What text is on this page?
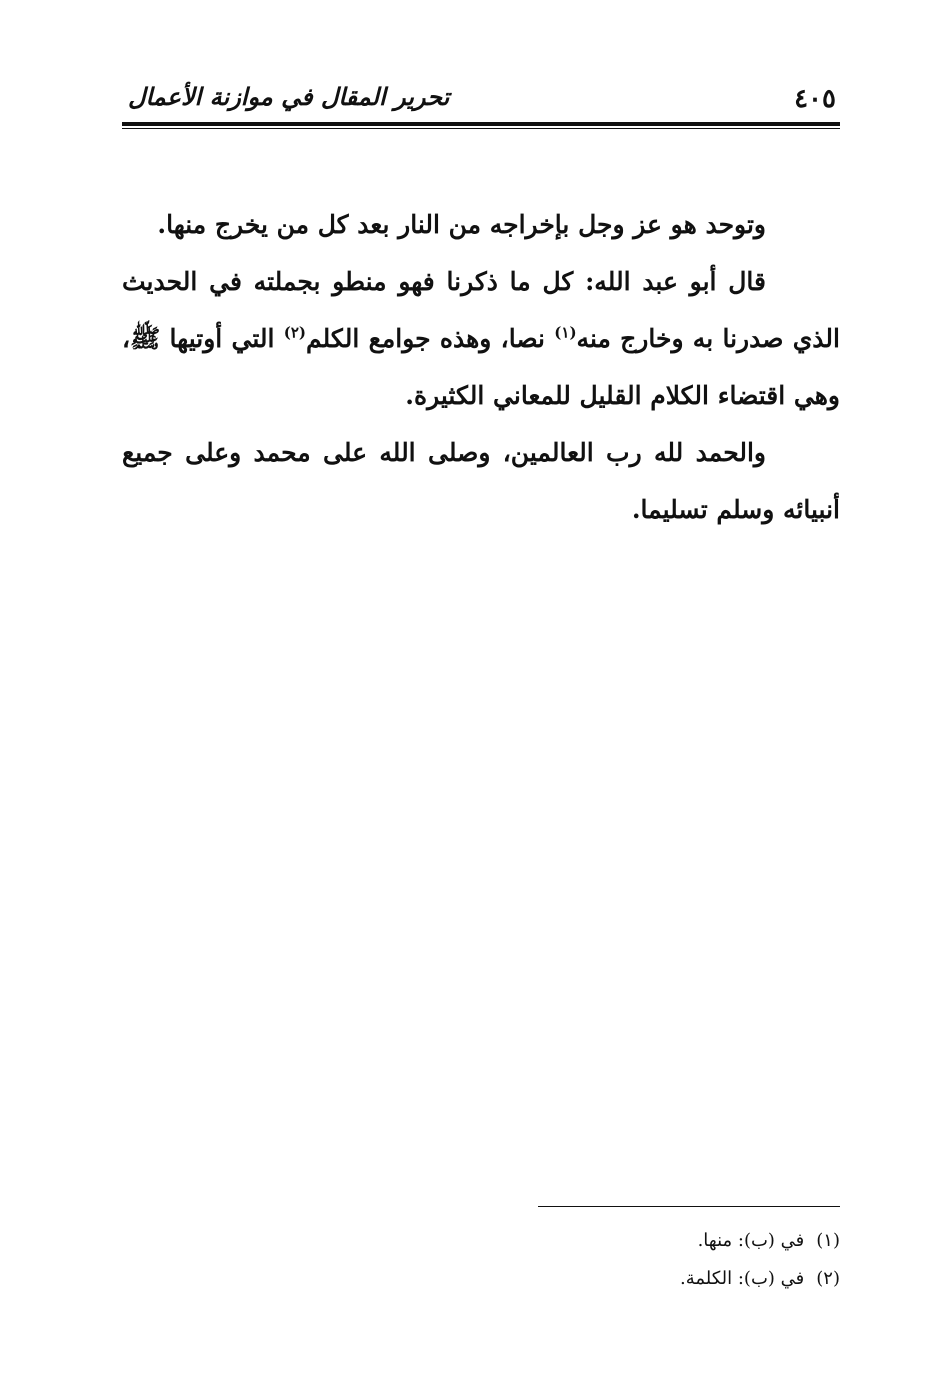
٤٠٥
تحرير المقال في موازنة الأعمال

وتوحد هو عز وجل بإخراجه من النار بعد كل من يخرج منها.

قال أبو عبد الله: كل ما ذكرنا فهو منطو بجملته في الحديث الذي صدرنا به وخارج منه$^{(١)}$ نصا، وهذه جوامع الكلم$^{(٢)}$ التي أوتيها ﷺ، وهي اقتضاء الكلام القليل للمعاني الكثيرة.

والحمد لله رب العالمين، وصلى الله على محمد وعلى جميع أنبيائه وسلم تسليما.

(١)في (ب): منها.

(٢)في (ب): الكلمة.
